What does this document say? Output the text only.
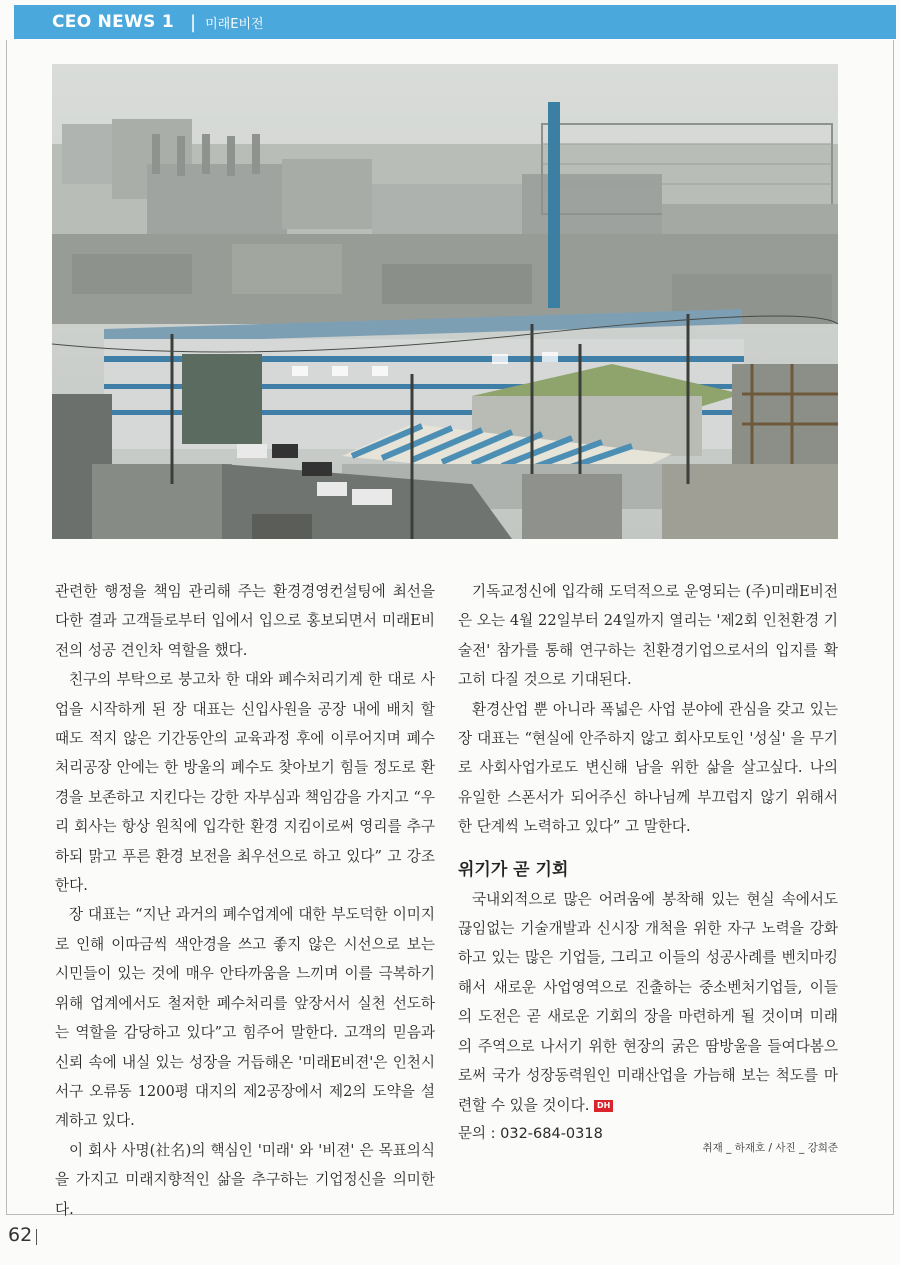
CEO NEWS 1 | 미래E비전

관련한 행정을 책임 관리해 주는 환경경영컨설팅에 최선을 다한 결과 고객들로부터 입에서 입으로 홍보되면서 미래E비전의 성공 견인차 역할을 했다.

친구의 부탁으로 붕고차 한 대와 폐수처리기계 한 대로 사업을 시작하게 된 장 대표는 신입사원을 공장 내에 배치 할 때도 적지 않은 기간동안의 교육과정 후에 이루어지며 폐수처리공장 안에는 한 방울의 폐수도 찾아보기 힘들 정도로 환경을 보존하고 지킨다는 강한 자부심과 책임감을 가지고 “우리 회사는 항상 원칙에 입각한 환경 지킴이로써 영리를 추구하되 맑고 푸른 환경 보전을 최우선으로 하고 있다” 고 강조한다.

장 대표는 “지난 과거의 폐수업계에 대한 부도덕한 이미지로 인해 이따금씩 색안경을 쓰고 좋지 않은 시선으로 보는 시민들이 있는 것에 매우 안타까움을 느끼며 이를 극복하기 위해 업계에서도 철저한 폐수처리를 앞장서서 실천 선도하는 역할을 감당하고 있다”고 힘주어 말한다. 고객의 믿음과 신뢰 속에 내실 있는 성장을 거듭해온 '미래E비젼'은 인천시 서구 오류동 1200평 대지의 제2공장에서 제2의 도약을 설계하고 있다.

이 회사 사명(社名)의 핵심인 '미래' 와 '비젼' 은 목표의식을 가지고 미래지향적인 삶을 추구하는 기업정신을 의미한다.

기독교정신에 입각해 도덕적으로 운영되는 (주)미래E비전은 오는 4월 22일부터 24일까지 열리는 '제2회 인천환경 기술전' 참가를 통해 연구하는 친환경기업으로서의 입지를 확고히 다질 것으로 기대된다.

환경산업 뿐 아니라 폭넓은 사업 분야에 관심을 갖고 있는 장 대표는 “현실에 안주하지 않고 회사모토인 '성실' 을 무기로 사회사업가로도 변신해 남을 위한 삶을 살고싶다. 나의 유일한 스폰서가 되어주신 하나님께 부끄럽지 않기 위해서 한 단계씩 노력하고 있다” 고 말한다.

위기가 곧 기회

국내외적으로 많은 어려움에 봉착해 있는 현실 속에서도 끊임없는 기술개발과 신시장 개척을 위한 자구 노력을 강화하고 있는 많은 기업들, 그리고 이들의 성공사례를 벤치마킹해서 새로운 사업영역으로 진출하는 중소벤처기업들, 이들의 도전은 곧 새로운 기회의 장을 마련하게 될 것이며 미래의 주역으로 나서기 위한 현장의 굵은 땀방울을 들여다봄으로써 국가 성장동력원인 미래산업을 가늠해 보는 척도를 마련할 수 있을 것이다. DH

문의 : 032-684-0318

취재 _ 하재호 / 사진 _ 강희준
62
